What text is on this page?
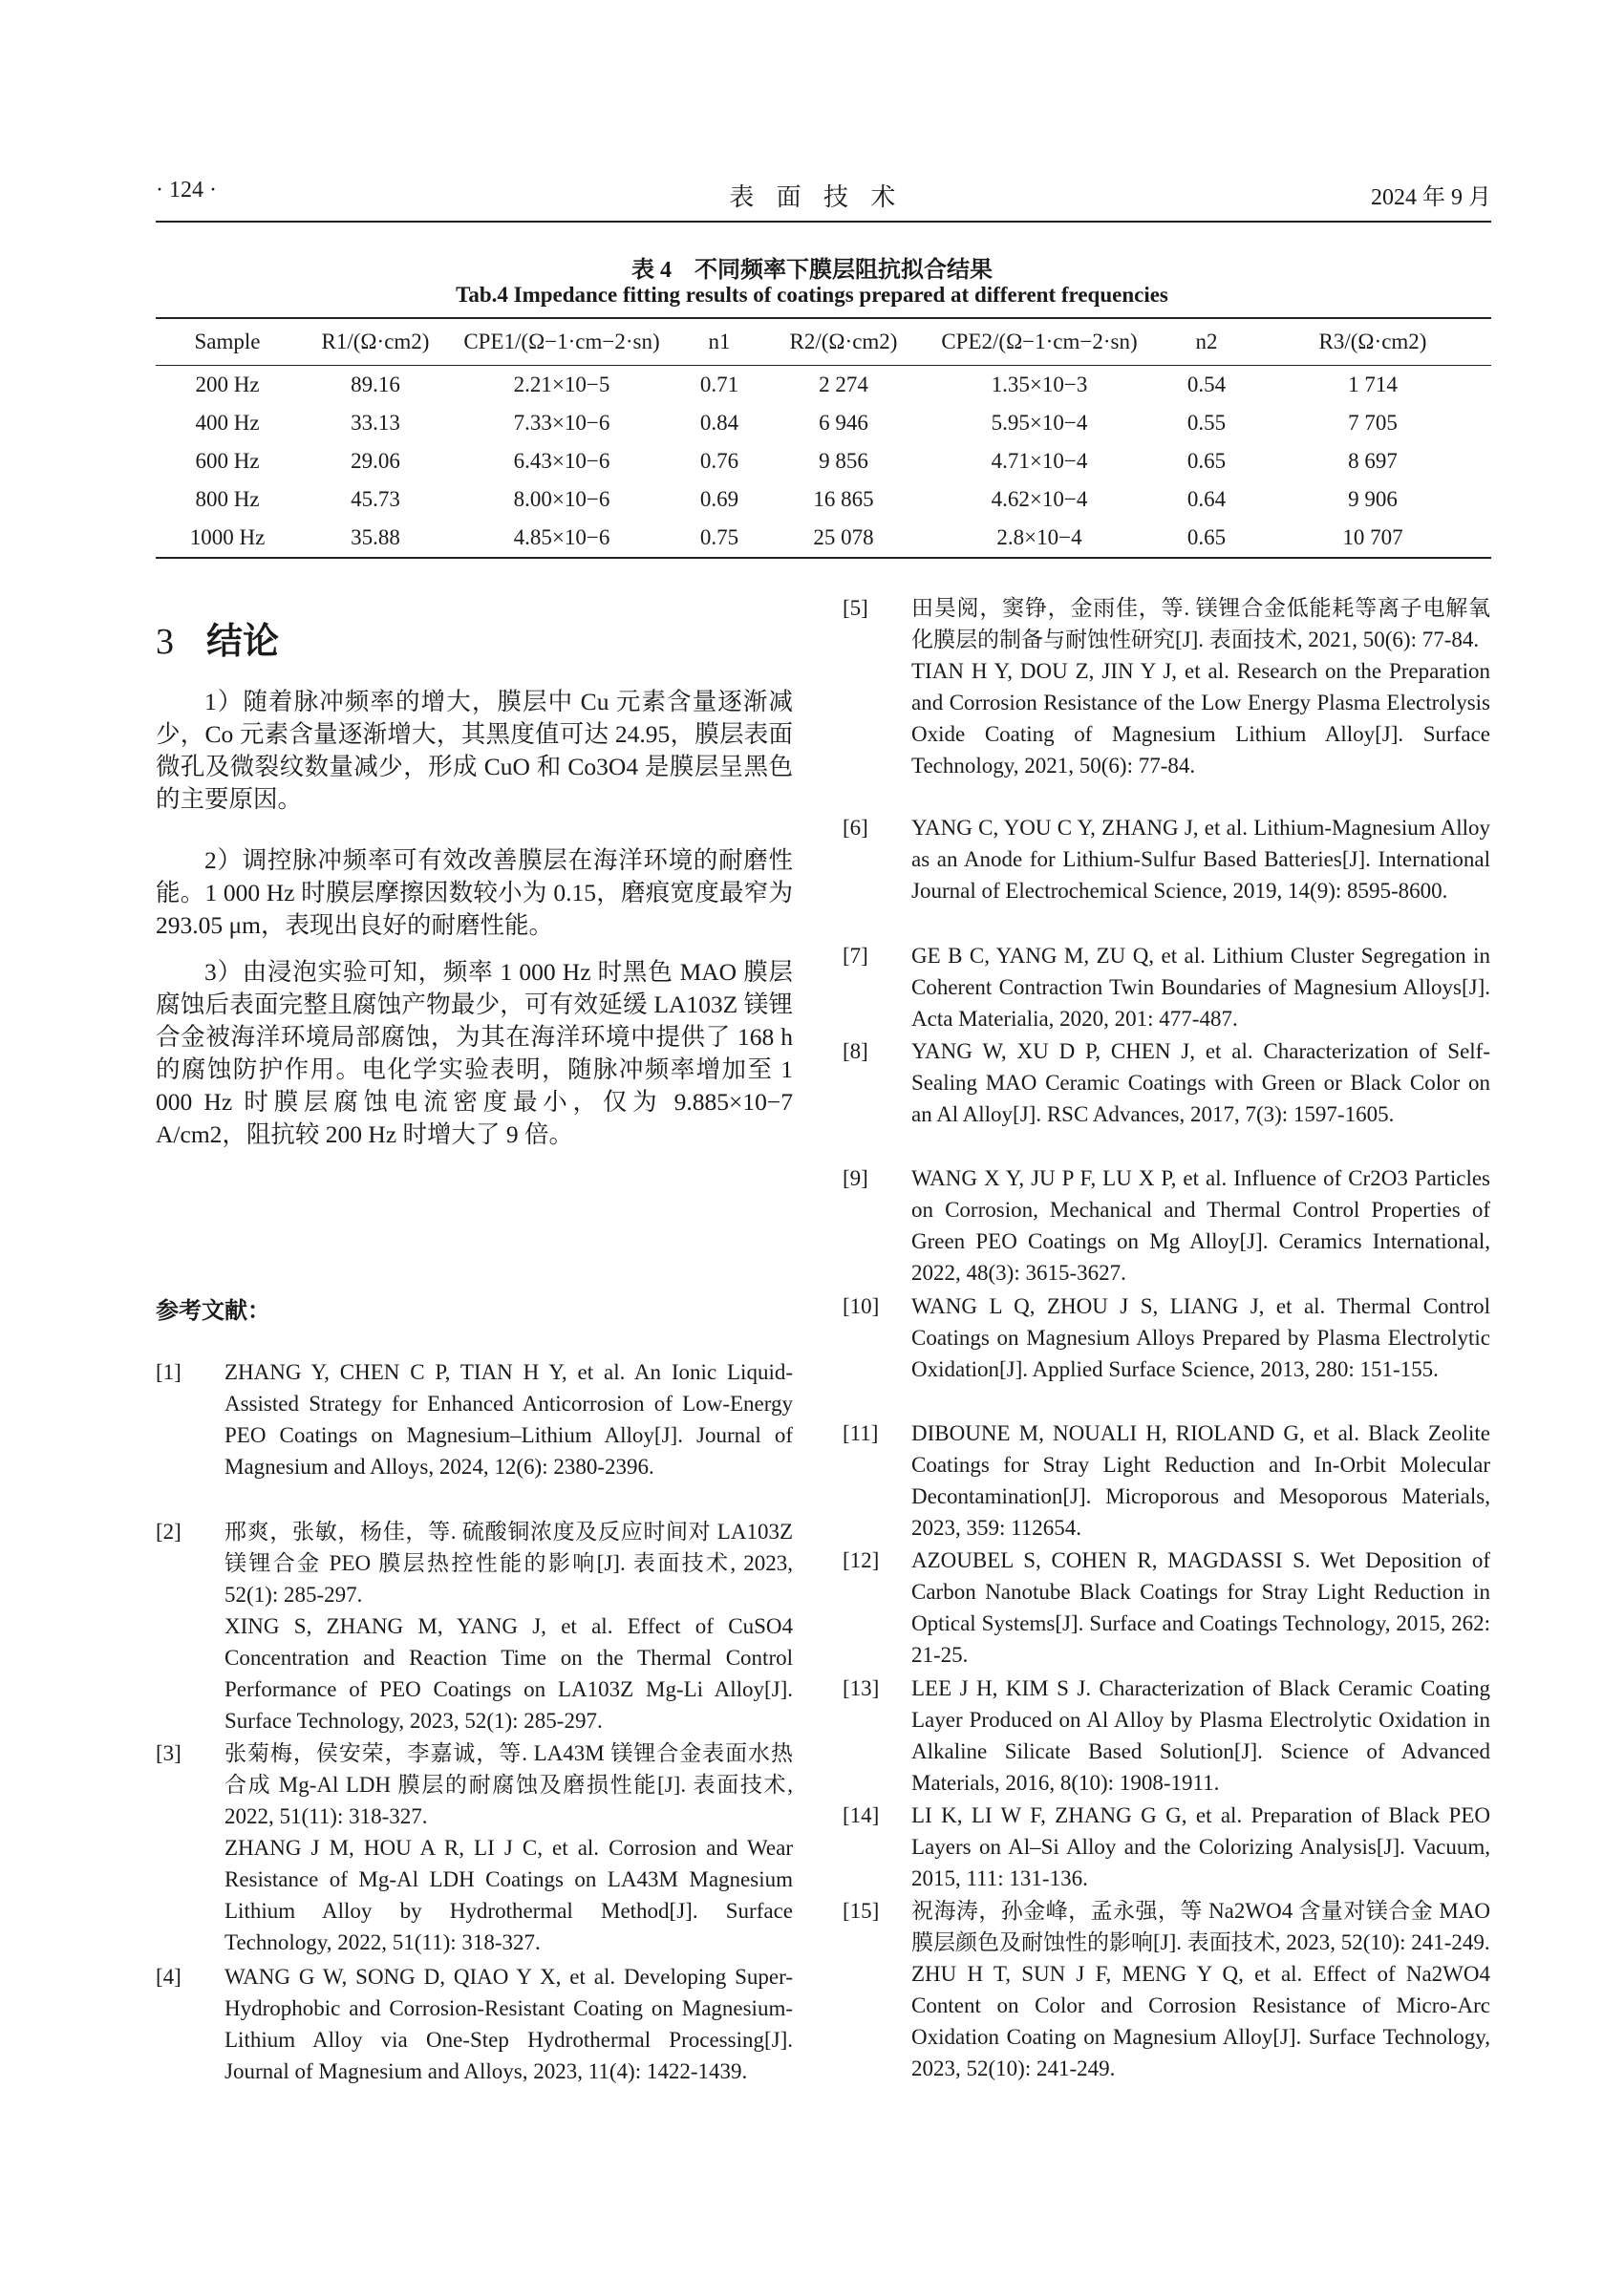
· 124 ·	表面技术	2024 年 9 月
表 4　不同频率下膜层阻抗拟合结果
Tab.4 Impedance fitting results of coatings prepared at different frequencies
Sample	R1/(Ω·cm2)	CPE1/(Ω−1·cm−2·sn)	n1	R2/(Ω·cm2)	CPE2/(Ω−1·cm−2·sn)	n2	R3/(Ω·cm2)
200 Hz	89.16	2.21×10−5	0.71	2 274	1.35×10−3	0.54	1 714
400 Hz	33.13	7.33×10−6	0.84	6 946	5.95×10−4	0.55	7 705
600 Hz	29.06	6.43×10−6	0.76	9 856	4.71×10−4	0.65	8 697
800 Hz	45.73	8.00×10−6	0.69	16 865	4.62×10−4	0.64	9 906
1000 Hz	35.88	4.85×10−6	0.75	25 078	2.8×10−4	0.65	10 707
3 结论
1）随着脉冲频率的增大，膜层中 Cu 元素含量逐渐减少，Co 元素含量逐渐增大，其黑度值可达 24.95，膜层表面微孔及微裂纹数量减少，形成 CuO 和 Co3O4 是膜层呈黑色的主要原因。
2）调控脉冲频率可有效改善膜层在海洋环境的耐磨性能。1 000 Hz 时膜层摩擦因数较小为 0.15，磨痕宽度最窄为 293.05 μm，表现出良好的耐磨性能。
3）由浸泡实验可知，频率 1 000 Hz 时黑色 MAO 膜层腐蚀后表面完整且腐蚀产物最少，可有效延缓 LA103Z 镁锂合金被海洋环境局部腐蚀，为其在海洋环境中提供了 168 h 的腐蚀防护作用。电化学实验表明，随脉冲频率增加至 1 000 Hz 时膜层腐蚀电流密度最小，仅为 9.885×10−7 A/cm2，阻抗较 200 Hz 时增大了 9 倍。
参考文献：
[1] ZHANG Y, CHEN C P, TIAN H Y, et al. An Ionic Liquid-Assisted Strategy for Enhanced Anticorrosion of Low-Energy PEO Coatings on Magnesium–Lithium Alloy[J]. Journal of Magnesium and Alloys, 2024, 12(6): 2380-2396.
[2] 邢爽，张敏，杨佳，等. 硫酸铜浓度及反应时间对 LA103Z 镁锂合金 PEO 膜层热控性能的影响[J]. 表面技术, 2023, 52(1): 285-297.
XING S, ZHANG M, YANG J, et al. Effect of CuSO4 Concentration and Reaction Time on the Thermal Control Performance of PEO Coatings on LA103Z Mg-Li Alloy[J]. Surface Technology, 2023, 52(1): 285-297.
[3] 张菊梅，侯安荣，李嘉诚，等. LA43M 镁锂合金表面水热合成 Mg-Al LDH 膜层的耐腐蚀及磨损性能[J]. 表面技术, 2022, 51(11): 318-327.
ZHANG J M, HOU A R, LI J C, et al. Corrosion and Wear Resistance of Mg-Al LDH Coatings on LA43M Magnesium Lithium Alloy by Hydrothermal Method[J]. Surface Technology, 2022, 51(11): 318-327.
[4] WANG G W, SONG D, QIAO Y X, et al. Developing Super-Hydrophobic and Corrosion-Resistant Coating on Magnesium-Lithium Alloy via One-Step Hydrothermal Processing[J]. Journal of Magnesium and Alloys, 2023, 11(4): 1422-1439.
[5] 田昊阅，窦铮，金雨佳，等. 镁锂合金低能耗等离子电解氧化膜层的制备与耐蚀性研究[J]. 表面技术, 2021, 50(6): 77-84.
TIAN H Y, DOU Z, JIN Y J, et al. Research on the Preparation and Corrosion Resistance of the Low Energy Plasma Electrolysis Oxide Coating of Magnesium Lithium Alloy[J]. Surface Technology, 2021, 50(6): 77-84.
[6] YANG C, YOU C Y, ZHANG J, et al. Lithium-Magnesium Alloy as an Anode for Lithium-Sulfur Based Batteries[J]. International Journal of Electrochemical Science, 2019, 14(9): 8595-8600.
[7] GE B C, YANG M, ZU Q, et al. Lithium Cluster Segregation in Coherent Contraction Twin Boundaries of Magnesium Alloys[J]. Acta Materialia, 2020, 201: 477-487.
[8] YANG W, XU D P, CHEN J, et al. Characterization of Self-Sealing MAO Ceramic Coatings with Green or Black Color on an Al Alloy[J]. RSC Advances, 2017, 7(3): 1597-1605.
[9] WANG X Y, JU P F, LU X P, et al. Influence of Cr2O3 Particles on Corrosion, Mechanical and Thermal Control Properties of Green PEO Coatings on Mg Alloy[J]. Ceramics International, 2022, 48(3): 3615-3627.
[10] WANG L Q, ZHOU J S, LIANG J, et al. Thermal Control Coatings on Magnesium Alloys Prepared by Plasma Electrolytic Oxidation[J]. Applied Surface Science, 2013, 280: 151-155.
[11] DIBOUNE M, NOUALI H, RIOLAND G, et al. Black Zeolite Coatings for Stray Light Reduction and In-Orbit Molecular Decontamination[J]. Microporous and Mesoporous Materials, 2023, 359: 112654.
[12] AZOUBEL S, COHEN R, MAGDASSI S. Wet Deposition of Carbon Nanotube Black Coatings for Stray Light Reduction in Optical Systems[J]. Surface and Coatings Technology, 2015, 262: 21-25.
[13] LEE J H, KIM S J. Characterization of Black Ceramic Coating Layer Produced on Al Alloy by Plasma Electrolytic Oxidation in Alkaline Silicate Based Solution[J]. Science of Advanced Materials, 2016, 8(10): 1908-1911.
[14] LI K, LI W F, ZHANG G G, et al. Preparation of Black PEO Layers on Al–Si Alloy and the Colorizing Analysis[J]. Vacuum, 2015, 111: 131-136.
[15] 祝海涛，孙金峰，孟永强，等 Na2WO4 含量对镁合金 MAO 膜层颜色及耐蚀性的影响[J]. 表面技术, 2023, 52(10): 241-249.
ZHU H T, SUN J F, MENG Y Q, et al. Effect of Na2WO4 Content on Color and Corrosion Resistance of Micro-Arc Oxidation Coating on Magnesium Alloy[J]. Surface Technology, 2023, 52(10): 241-249.
